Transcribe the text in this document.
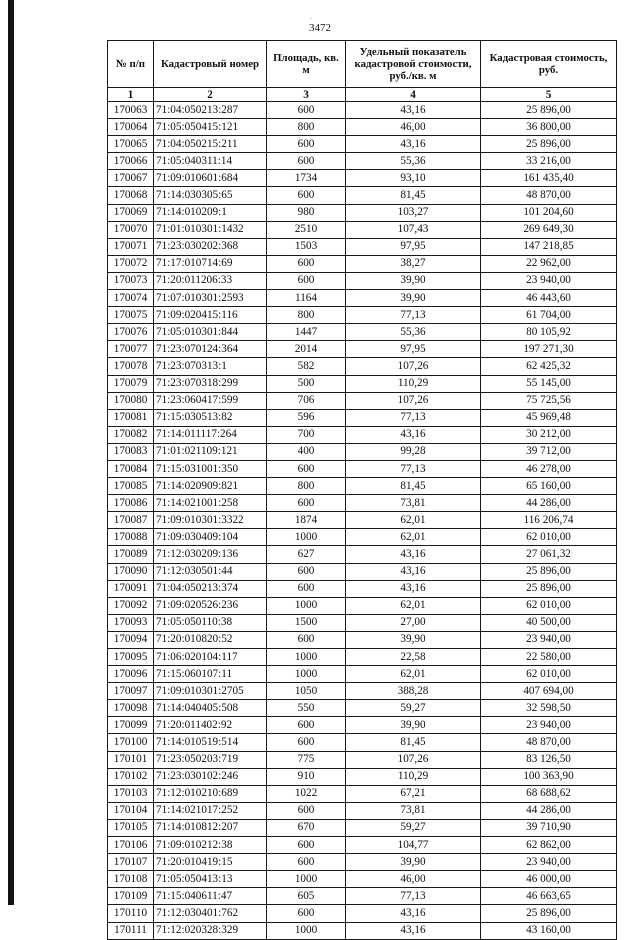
·
3472
№ п/п	Кадастровый номер	Площадь, кв. м	Удельный показатель кадастровой стоимости, руб./кв. м	Кадастровая стоимость, руб.
1	2	3	4	5
170063	71:04:050213:287	600	43,16	25 896,00
170064	71:05:050415:121	800	46,00	36 800,00
170065	71:04:050215:211	600	43,16	25 896,00
170066	71:05:040311:14	600	55,36	33 216,00
170067	71:09:010601:684	1734	93,10	161 435,40
170068	71:14:030305:65	600	81,45	48 870,00
170069	71:14:010209:1	980	103,27	101 204,60
170070	71:01:010301:1432	2510	107,43	269 649,30
170071	71:23:030202:368	1503	97,95	147 218,85
170072	71:17:010714:69	600	38,27	22 962,00
170073	71:20:011206:33	600	39,90	23 940,00
170074	71:07:010301:2593	1164	39,90	46 443,60
170075	71:09:020415:116	800	77,13	61 704,00
170076	71:05:010301:844	1447	55,36	80 105,92
170077	71:23:070124:364	2014	97,95	197 271,30
170078	71:23:070313:1	582	107,26	62 425,32
170079	71:23:070318:299	500	110,29	55 145,00
170080	71:23:060417:599	706	107,26	75 725,56
170081	71:15:030513:82	596	77,13	45 969,48
170082	71:14:011117:264	700	43,16	30 212,00
170083	71:01:021109:121	400	99,28	39 712,00
170084	71:15:031001:350	600	77,13	46 278,00
170085	71:14:020909:821	800	81,45	65 160,00
170086	71:14:021001:258	600	73,81	44 286,00
170087	71:09:010301:3322	1874	62,01	116 206,74
170088	71:09:030409:104	1000	62,01	62 010,00
170089	71:12:030209:136	627	43,16	27 061,32
170090	71:12:030501:44	600	43,16	25 896,00
170091	71:04:050213:374	600	43,16	25 896,00
170092	71:09:020526:236	1000	62,01	62 010,00
170093	71:05:050110:38	1500	27,00	40 500,00
170094	71:20:010820:52	600	39,90	23 940,00
170095	71:06:020104:117	1000	22,58	22 580,00
170096	71:15:060107:11	1000	62,01	62 010,00
170097	71:09:010301:2705	1050	388,28	407 694,00
170098	71:14:040405:508	550	59,27	32 598,50
170099	71:20:011402:92	600	39,90	23 940,00
170100	71:14:010519:514	600	81,45	48 870,00
170101	71:23:050203:719	775	107,26	83 126,50
170102	71:23:030102:246	910	110,29	100 363,90
170103	71:12:010210:689	1022	67,21	68 688,62
170104	71:14:021017:252	600	73,81	44 286,00
170105	71:14:010812:207	670	59,27	39 710,90
170106	71:09:010212:38	600	104,77	62 862,00
170107	71:20:010419:15	600	39,90	23 940,00
170108	71:05:050413:13	1000	46,00	46 000,00
170109	71:15:040611:47	605	77,13	46 663,65
170110	71:12:030401:762	600	43,16	25 896,00
170111	71:12:020328:329	1000	43,16	43 160,00
